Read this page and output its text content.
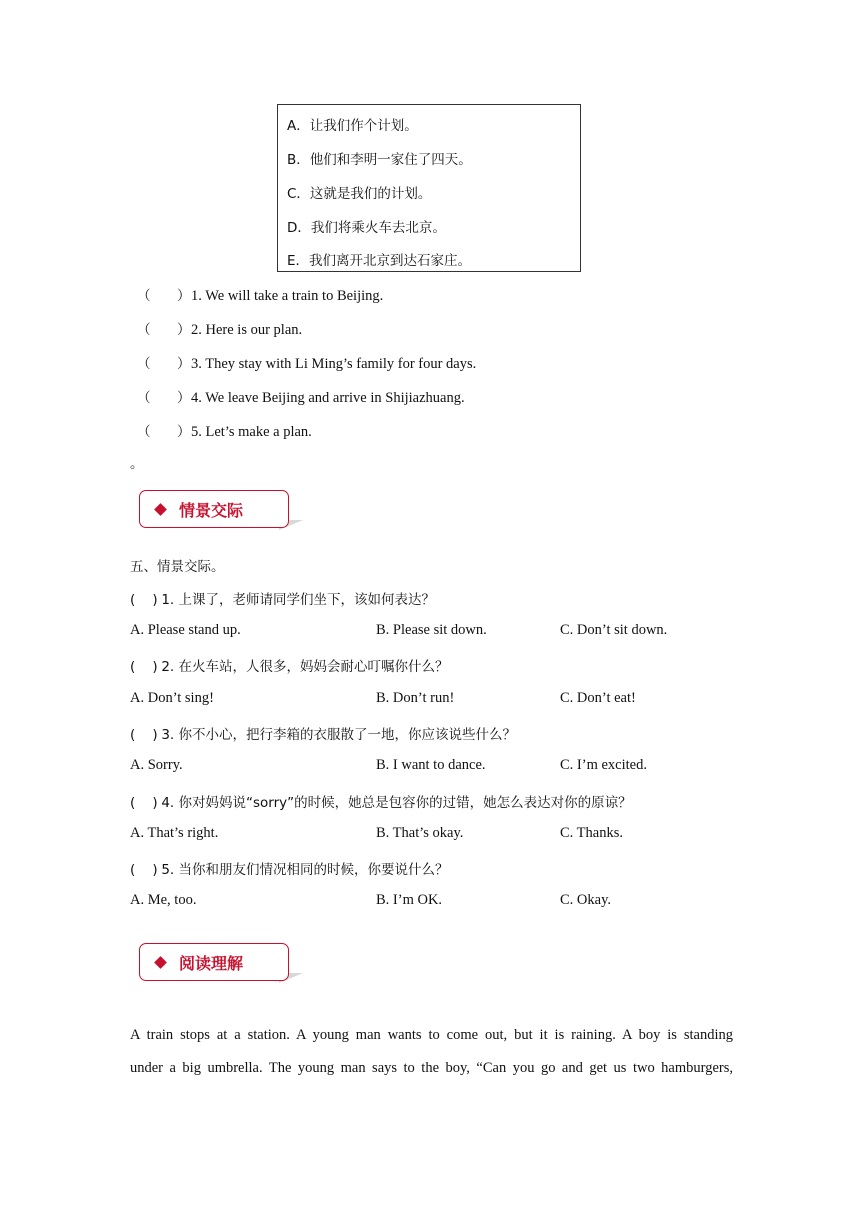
A．让我们作个计划。
B．他们和李明一家住了四天。
C．这就是我们的计划。
D．我们将乘火车去北京。
E．我们离开北京到达石家庄。
（ ）1. We will take a train to Beijing.
（ ）2. Here is our plan.
（ ）3. They stay with Li Ming’s family for four days.
（ ）4. We leave Beijing and arrive in Shijiazhuang.
（ ）5. Let’s make a plan.
。
情景交际
五、情景交际。
(    ) 1. 上课了，老师请同学们坐下，该如何表达？
A. Please stand up.	B. Please sit down.	C. Don’t sit down.
(    ) 2. 在火车站，人很多，妈妈会耐心叮嘱你什么？
A. Don’t sing!	B. Don’t run!	C. Don’t eat!
(    ) 3. 你不小心，把行李箱的衣服散了一地，你应该说些什么？
A. Sorry.	B. I want to dance.	C. I’m excited.
(    ) 4. 你对妈妈说“sorry”的时候，她总是包容你的过错，她怎么表达对你的原谅？
A. That’s right.	B. That’s okay.	C. Thanks.
(    ) 5. 当你和朋友们情况相同的时候，你要说什么？
A. Me, too.	B. I’m OK.	C. Okay.
阅读理解
A train stops at a station. A young man wants to come out, but it is raining. A boy is standing
under a big umbrella. The young man says to the boy, “Can you go and get us two hamburgers,
